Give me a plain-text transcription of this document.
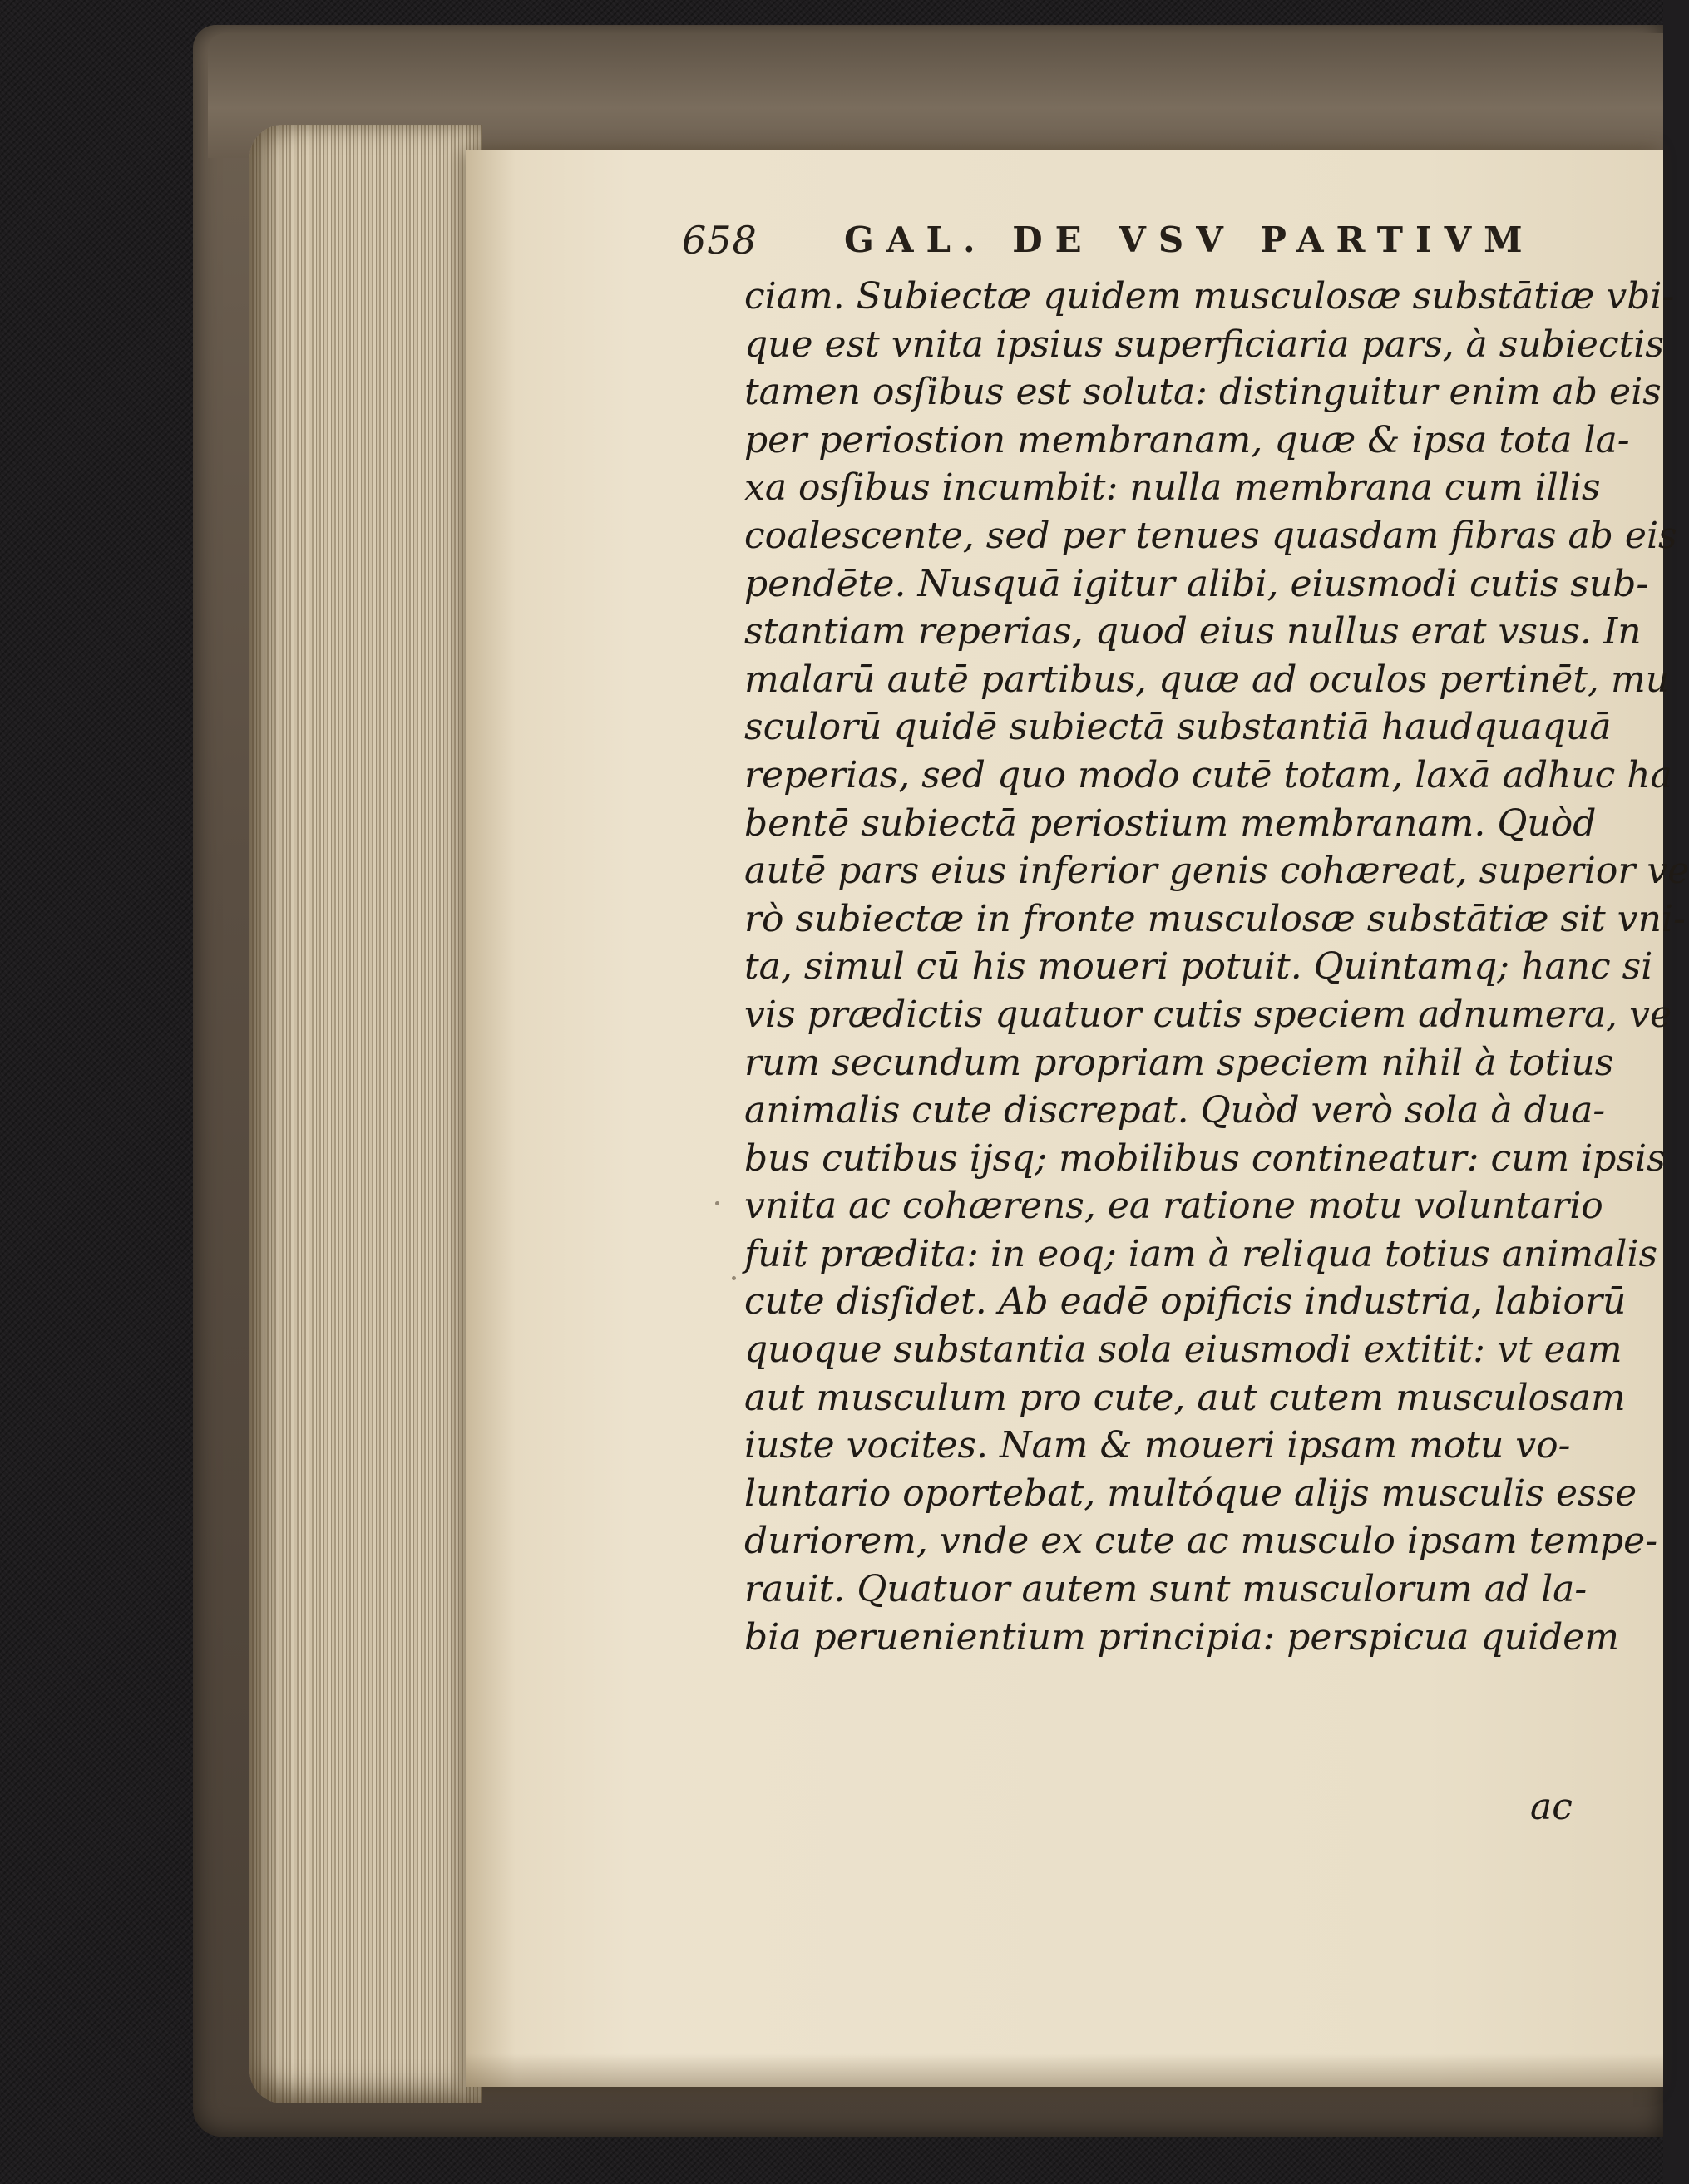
658 GAL. DE VSV PARTIVM
ciam. Subiectæ quidem musculosæ substātiæ vbi-
que est vnita ipsius superficiaria pars, à subiectis
tamen osſibus est soluta: distinguitur enim ab eis
per periostion membranam, quæ & ipsa tota la-
xa osſibus incumbit: nulla membrana cum illis
coalescente, sed per tenues quasdam fibras ab eis
pendēte. Nusquā igitur alibi, eiusmodi cutis sub-
stantiam reperias, quod eius nullus erat vsus. In
malarū autē partibus, quæ ad oculos pertinēt, mu
sculorū quidē subiectā substantiā haudquaquā
reperias, sed quo modo cutē totam, laxā adhuc ha
bentē subiectā periostium membranam. Quòd
autē pars eius inferior genis cohæreat, superior ve
rò subiectæ in fronte musculosæ substātiæ sit vni-
ta, simul cū his moueri potuit. Quintamq; hanc si
vis prædictis quatuor cutis speciem adnumera, ve
rum secundum propriam speciem nihil à totius
animalis cute discrepat. Quòd verò sola à dua-
bus cutibus ijsq; mobilibus contineatur: cum ipsis
vnita ac cohærens, ea ratione motu voluntario
fuit prædita: in eoq; iam à reliqua totius animalis
cute disſidet. Ab eadē opificis industria, labiorū
quoque substantia sola eiusmodi extitit: vt eam
aut musculum pro cute, aut cutem musculosam
iuste vocites. Nam & moueri ipsam motu vo-
luntario oportebat, multóque alijs musculis esse
duriorem, vnde ex cute ac musculo ipsam tempe-
rauit. Quatuor autem sunt musculorum ad la-
bia peruenientium principia: perspicua quidem
ac
